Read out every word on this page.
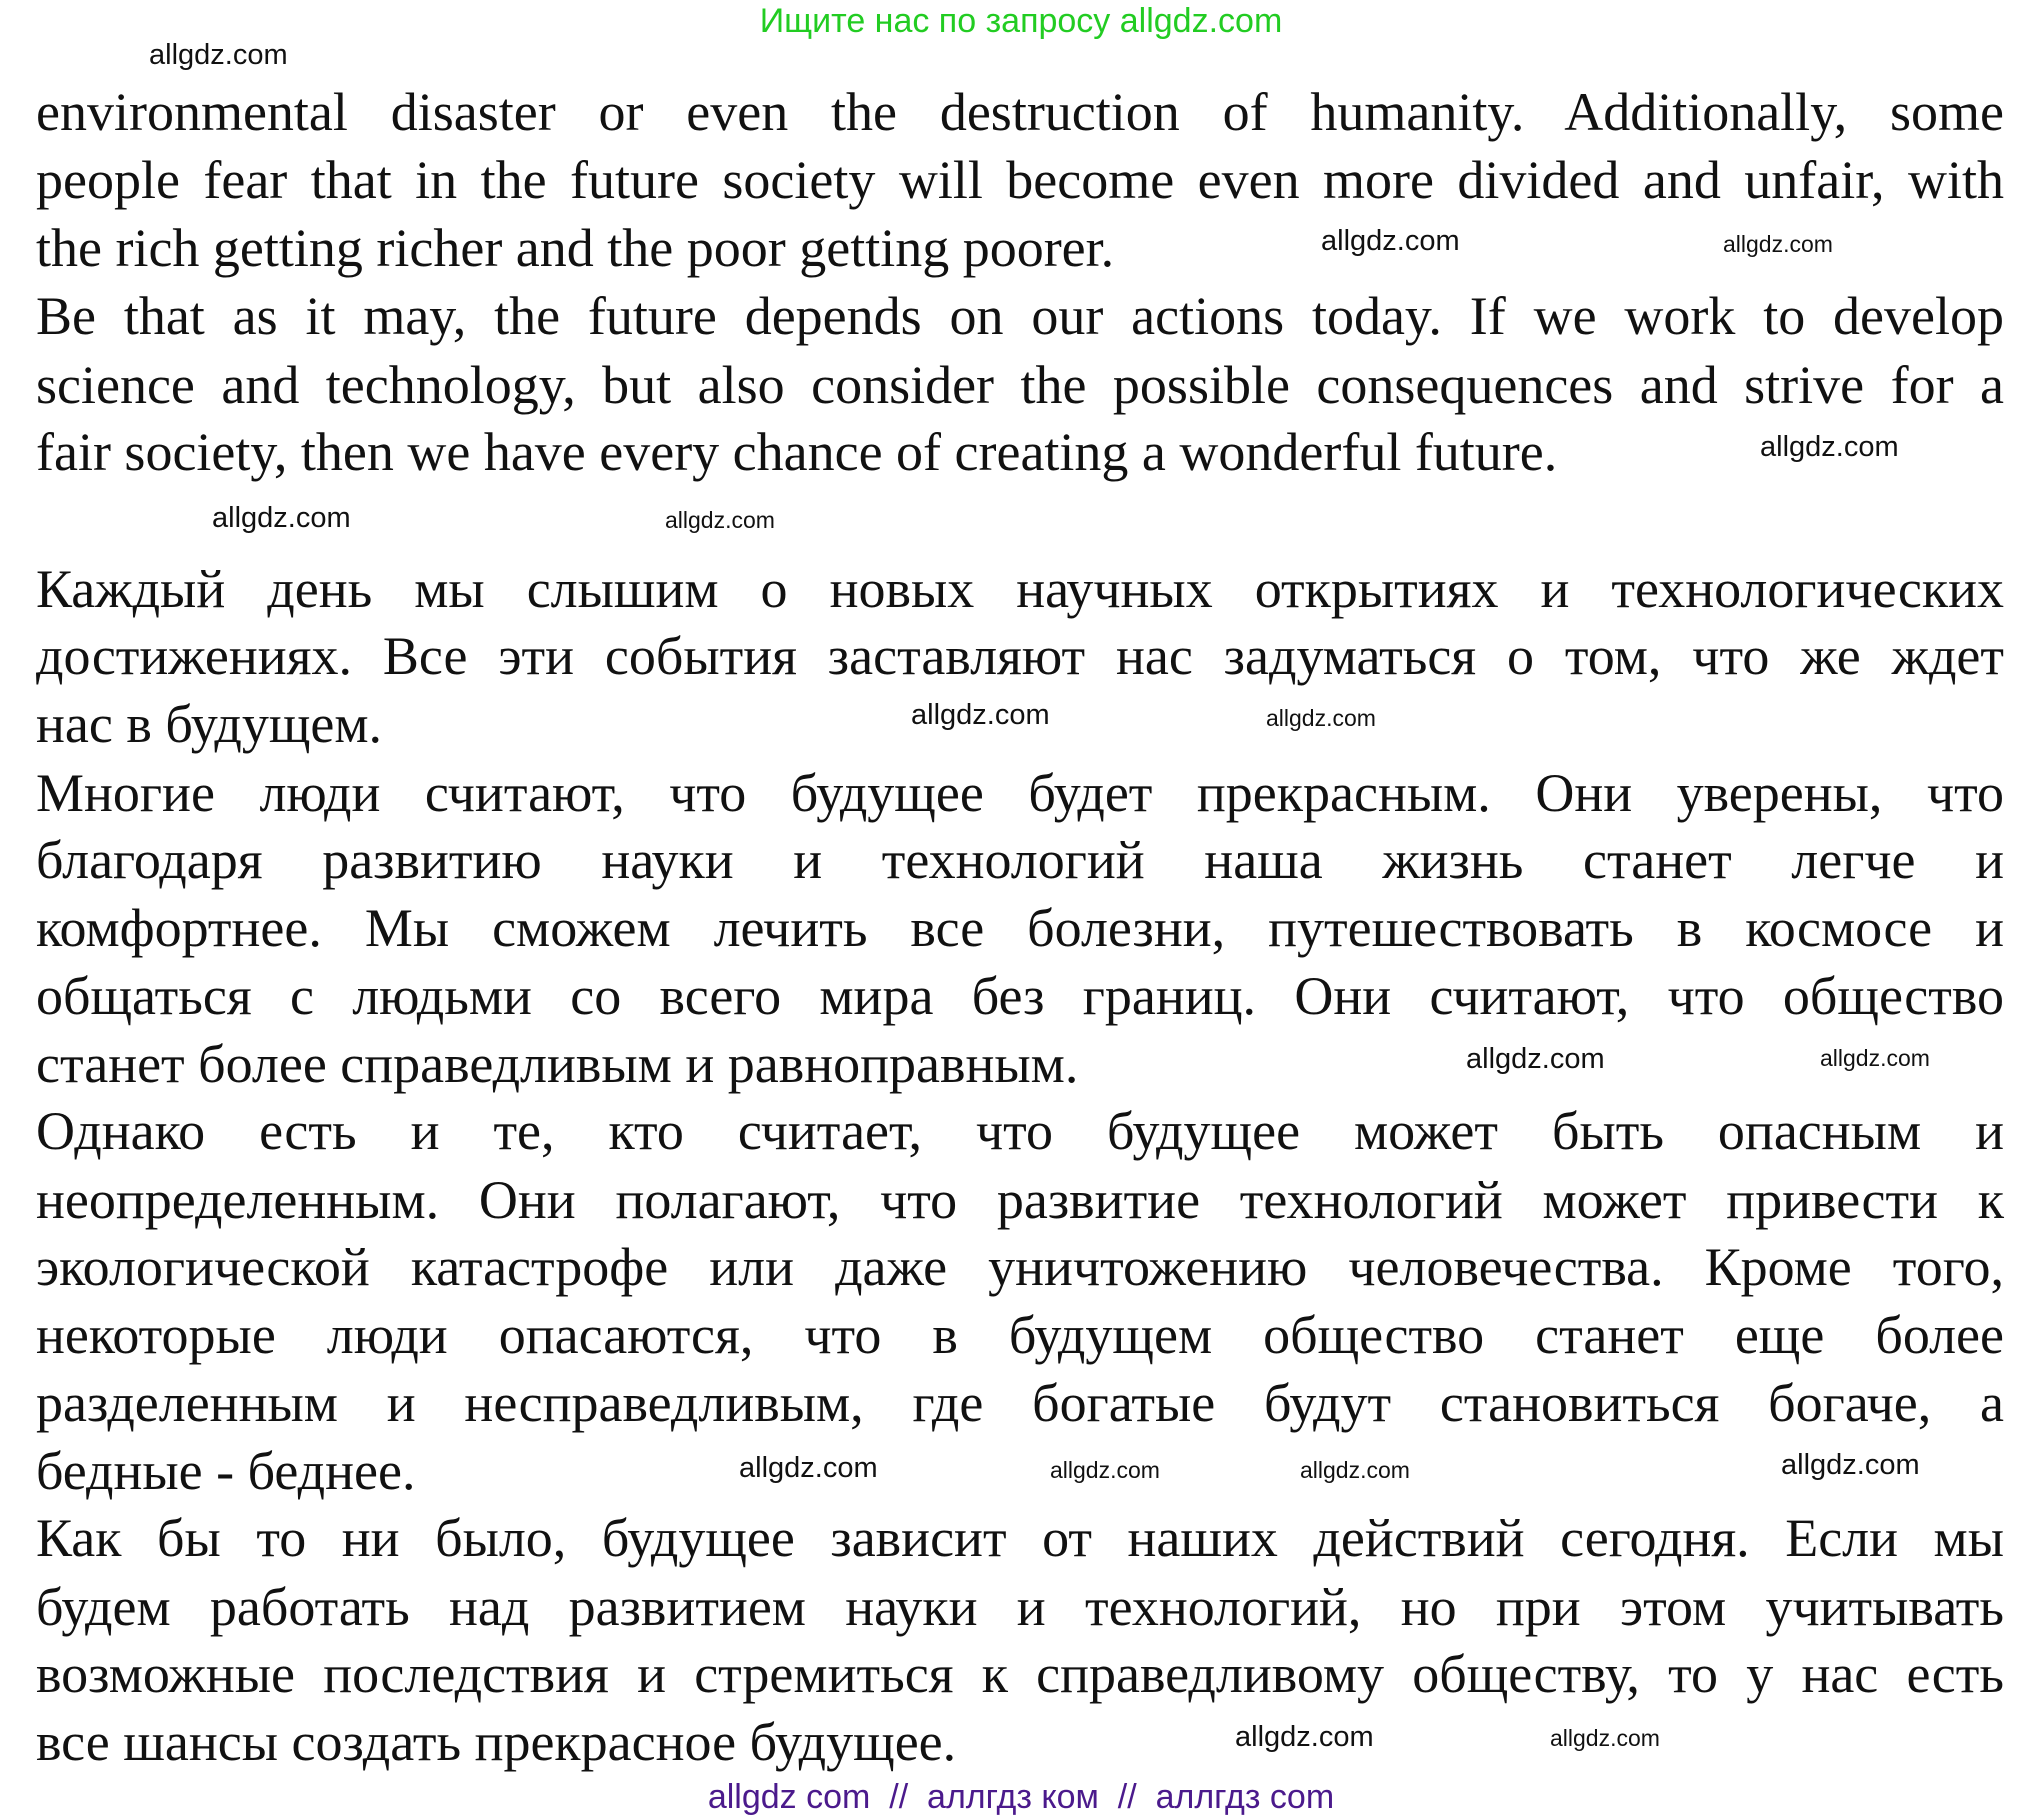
Ищите нас по запросу allgdz.com
environmental disaster or even the destruction of humanity. Additionally, some
people fear that in the future society will become even more divided and unfair, with
the rich getting richer and the poor getting poorer.
Be that as it may, the future depends on our actions today. If we work to develop
science and technology, but also consider the possible consequences and strive for a
fair society, then we have every chance of creating a wonderful future.
Каждый день мы слышим о новых научных открытиях и технологических
достижениях. Все эти события заставляют нас задуматься о том, что же ждет
нас в будущем.
Многие люди считают, что будущее будет прекрасным. Они уверены, что
благодаря развитию науки и технологий наша жизнь станет легче и
комфортнее. Мы сможем лечить все болезни, путешествовать в космосе и
общаться с людьми со всего мира без границ. Они считают, что общество
станет более справедливым и равноправным.
Однако есть и те, кто считает, что будущее может быть опасным и
неопределенным. Они полагают, что развитие технологий может привести к
экологической катастрофе или даже уничтожению человечества. Кроме того,
некоторые люди опасаются, что в будущем общество станет еще более
разделенным и несправедливым, где богатые будут становиться богаче, а
бедные - беднее.
Как бы то ни было, будущее зависит от наших действий сегодня. Если мы
будем работать над развитием науки и технологий, но при этом учитывать
возможные последствия и стремиться к справедливому обществу, то у нас есть
все шансы создать прекрасное будущее.
allgdz.com
allgdz.com
allgdz.com	allgdz.com
allgdz.com
allgdz.com
allgdz.com	allgdz.com
allgdz.com
allgdz.com
allgdz.com	allgdz.com	allgdz.com
allgdz.com
allgdz.com
allgdz.com
allgdz com  //  аллгдз ком  //  аллгдз com
